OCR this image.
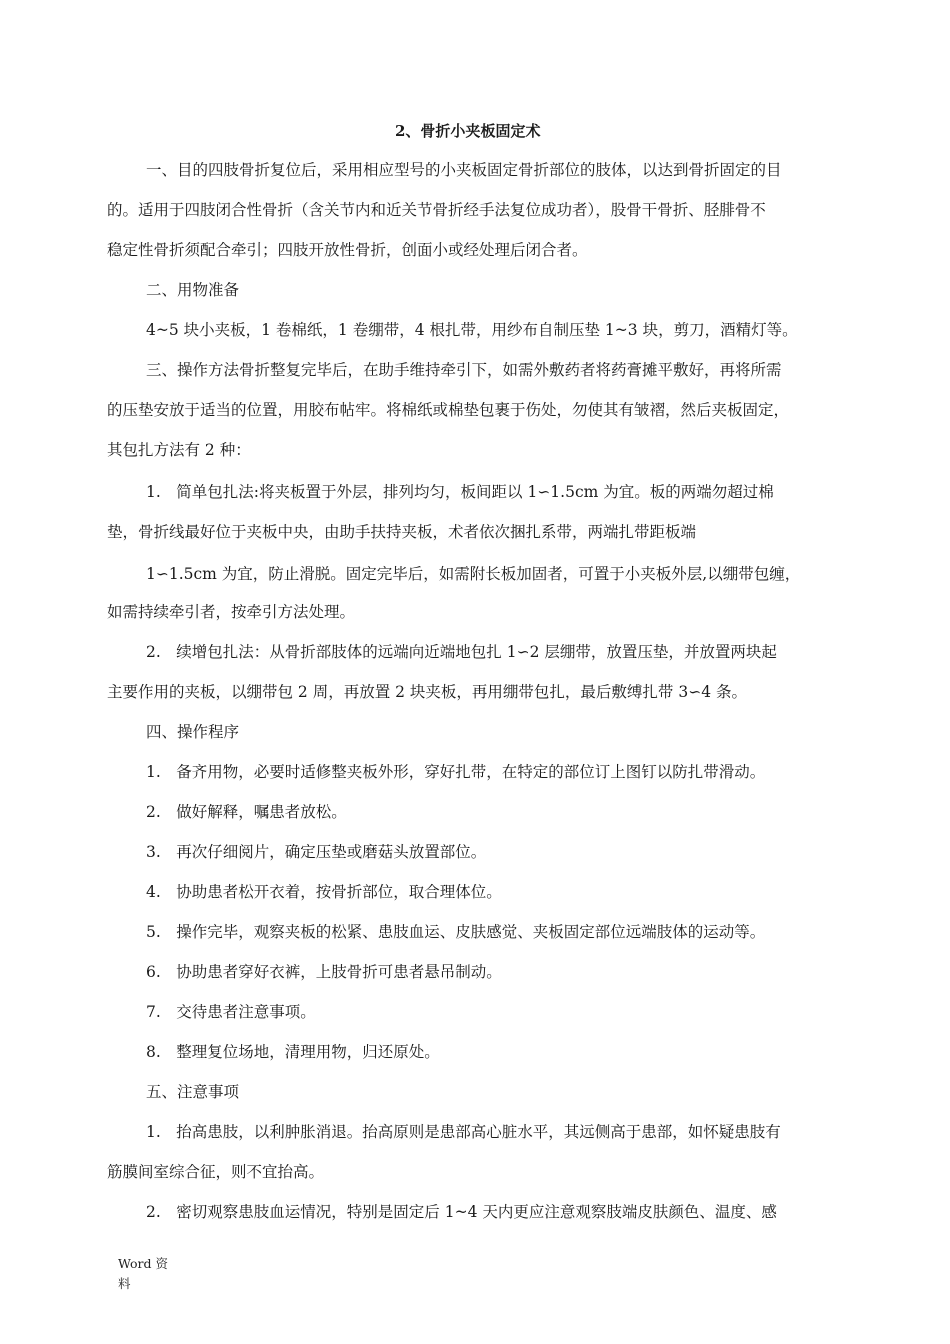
2、骨折小夹板固定术
一、目的四肢骨折复位后，采用相应型号的小夹板固定骨折部位的肢体，以达到骨折固定的目
的。适用于四肢闭合性骨折（含关节内和近关节骨折经手法复位成功者），股骨干骨折、胫腓骨不
稳定性骨折须配合牵引；四肢开放性骨折，创面小或经处理后闭合者。
二、用物准备
4~5 块小夹板，1 卷棉纸，1 卷绷带，4 根扎带，用纱布自制压垫 1~3 块，剪刀，酒精灯等。
三、操作方法骨折整复完毕后，在助手维持牵引下，如需外敷药者将药膏摊平敷好，再将所需
的压垫安放于适当的位置，用胶布帖牢。将棉纸或棉垫包裹于伤处，勿使其有皱褶，然后夹板固定，
其包扎方法有 2 种：
1. 简单包扎法:将夹板置于外层，排列均匀，板间距以 1∽1.5cm 为宜。板的两端勿超过棉
垫，骨折线最好位于夹板中央，由助手扶持夹板，术者依次捆扎系带，两端扎带距板端
1∽1.5cm 为宜，防止滑脱。固定完毕后，如需附长板加固者，可置于小夹板外层,以绷带包缠，
如需持续牵引者，按牵引方法处理。
2. 续增包扎法：从骨折部肢体的远端向近端地包扎 1∽2 层绷带，放置压垫，并放置两块起
主要作用的夹板，以绷带包 2 周，再放置 2 块夹板，再用绷带包扎，最后敷缚扎带 3∽4 条。
四、操作程序
1. 备齐用物，必要时适修整夹板外形，穿好扎带，在特定的部位订上图钉以防扎带滑动。
2. 做好解释，嘱患者放松。
3. 再次仔细阅片，确定压垫或磨菇头放置部位。
4. 协助患者松开衣着，按骨折部位，取合理体位。
5. 操作完毕，观察夹板的松紧、患肢血运、皮肤感觉、夹板固定部位远端肢体的运动等。
6. 协助患者穿好衣裤，上肢骨折可患者悬吊制动。
7. 交待患者注意事项。
8. 整理复位场地，清理用物，归还原处。
五、注意事项
1. 抬高患肢，以利肿胀消退。抬高原则是患部高心脏水平，其远侧高于患部，如怀疑患肢有
筋膜间室综合征，则不宜抬高。
2. 密切观察患肢血运情况，特别是固定后 1~4 天内更应注意观察肢端皮肤颜色、温度、感
Word 资
料
